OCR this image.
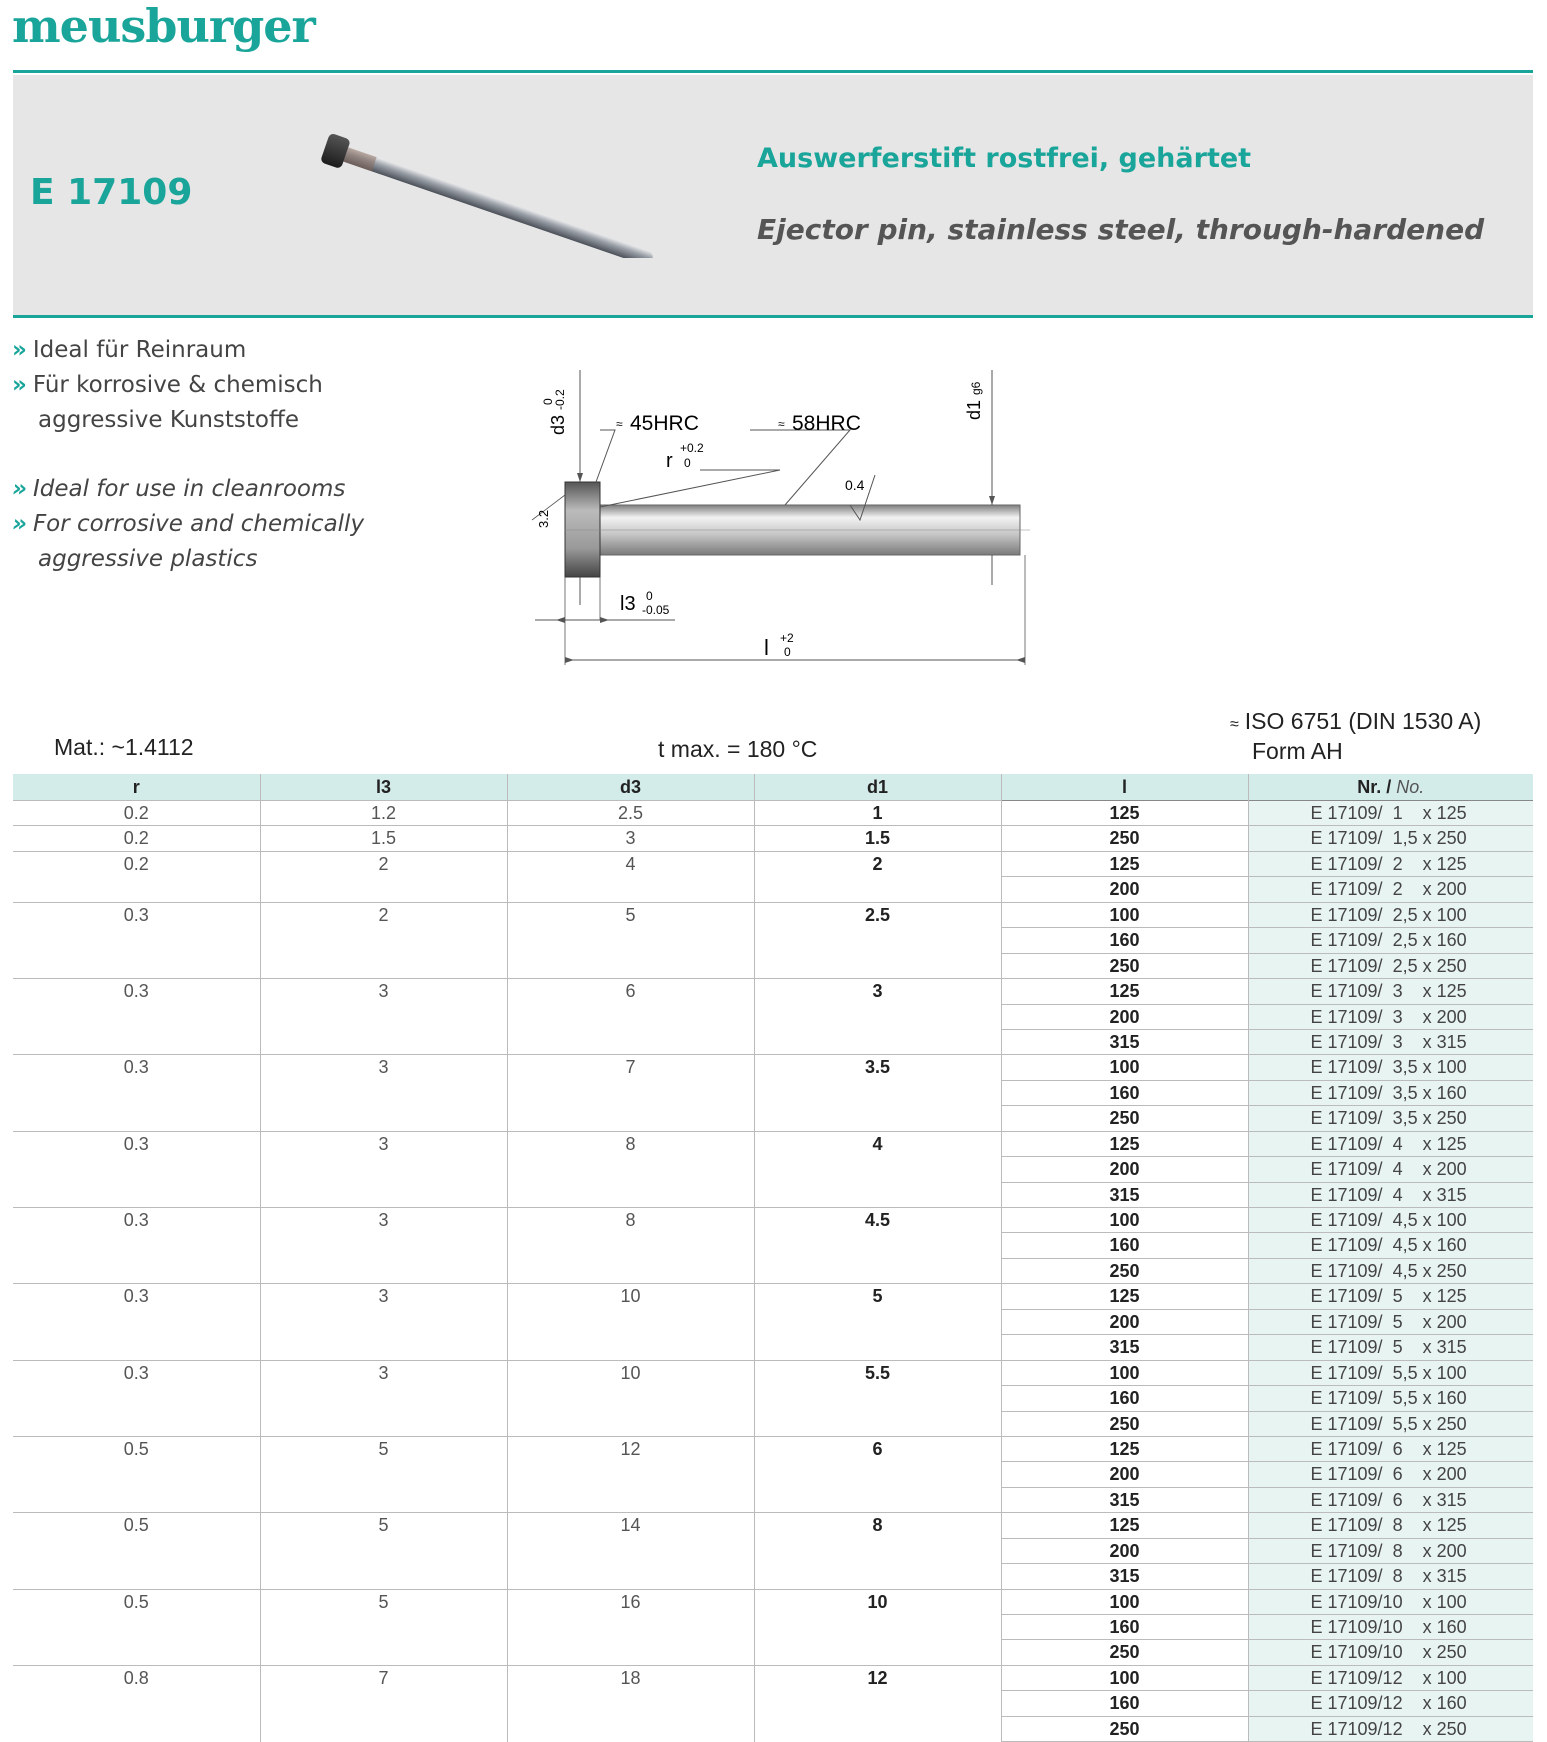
meusburger
E 17109
Auswerferstift rostfrei, gehärtet
Ejector pin, stainless steel, through-hardened
» Ideal für Reinraum
» Für korrosive & chemisch
aggressive Kunststoffe
» Ideal for use in cleanrooms
» For corrosive and chemically
aggressive plastics
d3
0
-0.2
≈ 45HRC	≈ 58HRC
r
+0.2
0
d1
g6
0.4
3.2
l3 0
-0.05
l +2
0
Mat.: ~1.4112	t max. = 180 °C
≈ ISO 6751 (DIN 1530 A)
Form AH
r	l3	d3	d1	l	Nr. / No.
0.2	1.2	2.5	1	125	E 17109/  1    x 125
0.2	1.5	3	1.5	250	E 17109/  1,5 x 250
0.2	2	4	2	125	E 17109/  2    x 125
				200	E 17109/  2    x 200
0.3	2	5	2.5	100	E 17109/  2,5 x 100
				160	E 17109/  2,5 x 160
				250	E 17109/  2,5 x 250
0.3	3	6	3	125	E 17109/  3    x 125
				200	E 17109/  3    x 200
				315	E 17109/  3    x 315
0.3	3	7	3.5	100	E 17109/  3,5 x 100
				160	E 17109/  3,5 x 160
				250	E 17109/  3,5 x 250
0.3	3	8	4	125	E 17109/  4    x 125
				200	E 17109/  4    x 200
				315	E 17109/  4    x 315
0.3	3	8	4.5	100	E 17109/  4,5 x 100
				160	E 17109/  4,5 x 160
				250	E 17109/  4,5 x 250
0.3	3	10	5	125	E 17109/  5    x 125
				200	E 17109/  5    x 200
				315	E 17109/  5    x 315
0.3	3	10	5.5	100	E 17109/  5,5 x 100
				160	E 17109/  5,5 x 160
				250	E 17109/  5,5 x 250
0.5	5	12	6	125	E 17109/  6    x 125
				200	E 17109/  6    x 200
				315	E 17109/  6    x 315
0.5	5	14	8	125	E 17109/  8    x 125
				200	E 17109/  8    x 200
				315	E 17109/  8    x 315
0.5	5	16	10	100	E 17109/10    x 100
				160	E 17109/10    x 160
				250	E 17109/10    x 250
0.8	7	18	12	100	E 17109/12    x 100
				160	E 17109/12    x 160
				250	E 17109/12    x 250
